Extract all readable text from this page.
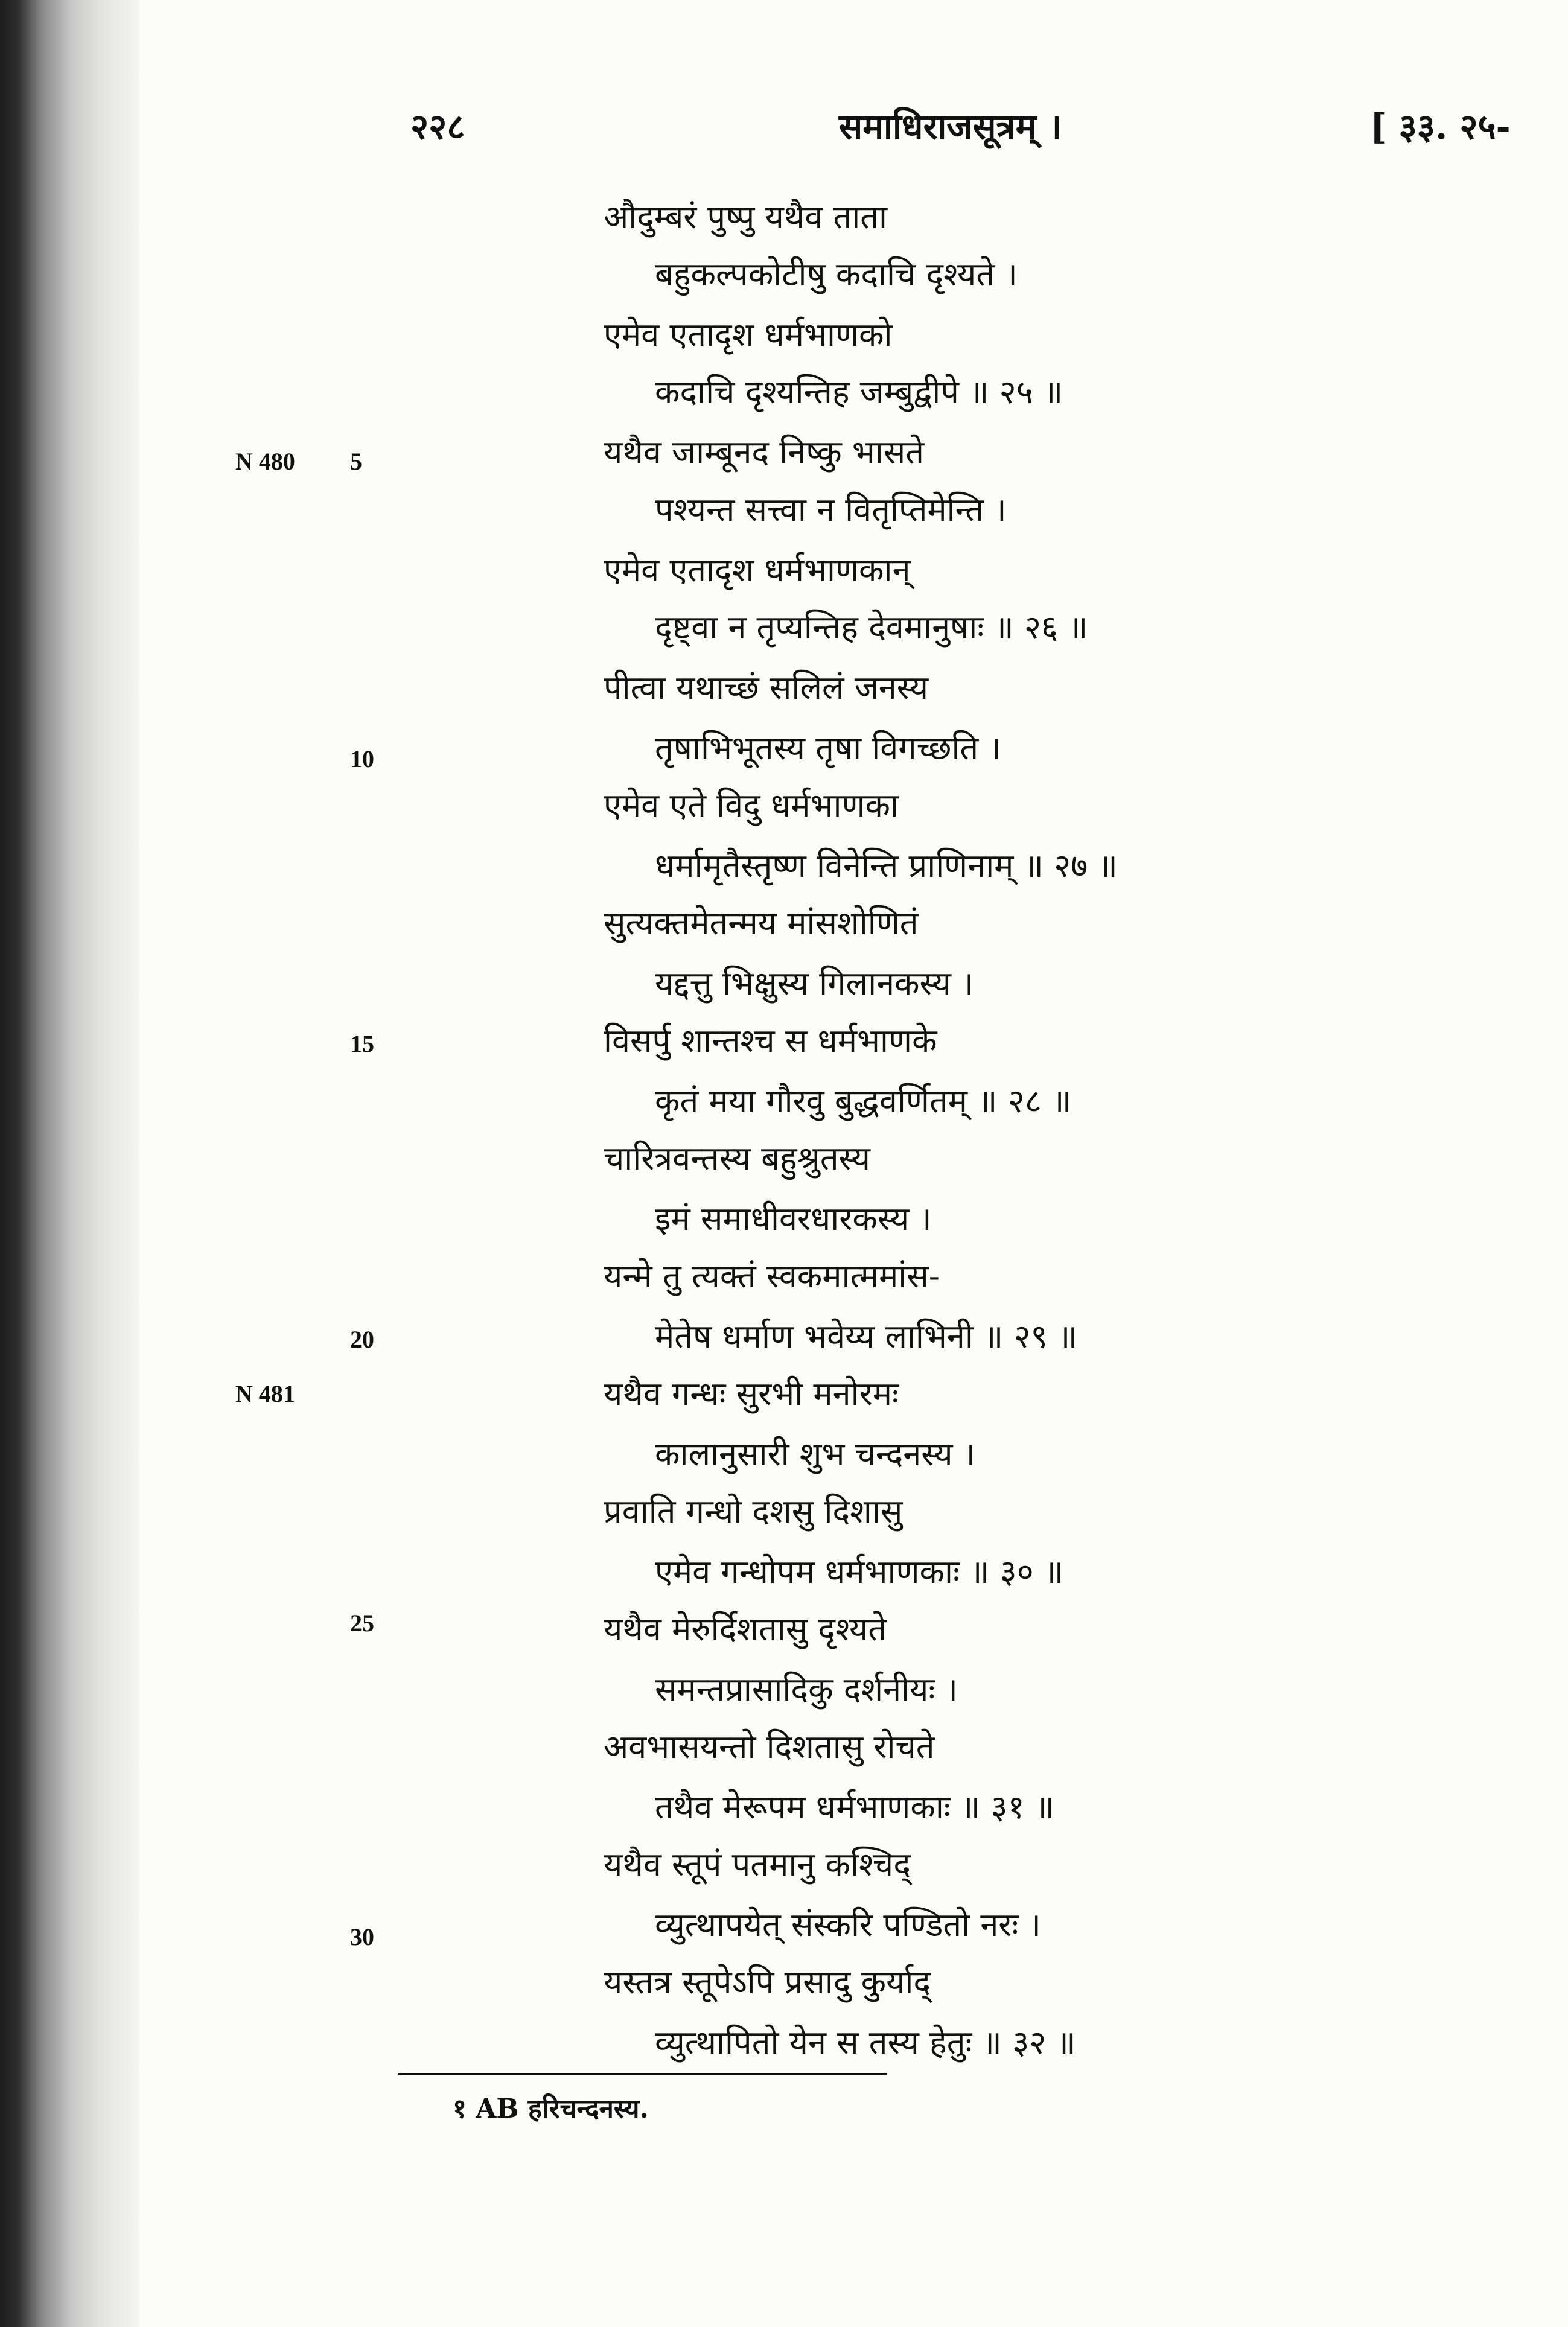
२२८	समाधिराजसूत्रम् ।	[ ३३. २५-
औदुम्बरं पुष्पु यथैव ताता
बहुकल्पकोटीषु कदाचि दृश्यते ।
एमेव एतादृश धर्मभाणको
कदाचि दृश्यन्तिह जम्बुद्वीपे ॥ २५ ॥
यथैव जाम्बूनद निष्कु भासते
पश्यन्त सत्त्वा न वितृप्तिमेन्ति ।
एमेव एतादृश धर्मभाणकान्
दृष्ट्वा न तृप्यन्तिह देवमानुषाः ॥ २६ ॥
पीत्वा यथाच्छं सलिलं जनस्य
तृषाभिभूतस्य तृषा विगच्छति ।
एमेव एते विदु धर्मभाणका
धर्मामृतैस्तृष्ण विनेन्ति प्राणिनाम् ॥ २७ ॥
सुत्यक्तमेतन्मय मांसशोणितं
यद्दत्तु भिक्षुस्य गिलानकस्य ।
विसर्पु शान्तश्च स धर्मभाणके
कृतं मया गौरवु बुद्धवर्णितम् ॥ २८ ॥
चारित्रवन्तस्य बहुश्रुतस्य
इमं समाधीवरधारकस्य ।
यन्मे तु त्यक्तं स्वकमात्ममांस-
मेतेष धर्माण भवेय्य लाभिनी ॥ २९ ॥
यथैव गन्धः सुरभी मनोरमः
कालानुसारी शुभ चन्दनस्य ।
प्रवाति गन्धो दशसु दिशासु
एमेव गन्धोपम धर्मभाणकाः ॥ ३० ॥
यथैव मेरुर्दिशतासु दृश्यते
समन्तप्रासादिकु दर्शनीयः ।
अवभासयन्तो दिशतासु रोचते
तथैव मेरूपम धर्मभाणकाः ॥ ३१ ॥
यथैव स्तूपं पतमानु कश्चिद्
व्युत्थापयेत् संस्करि पण्डितो नरः ।
यस्तत्र स्तूपेऽपि प्रसादु कुर्याद्
व्युत्थापितो येन स तस्य हेतुः ॥ ३२ ॥
5
10
15
20
25
30
N 480
N 481
१ AB हरिचन्दनस्य.
